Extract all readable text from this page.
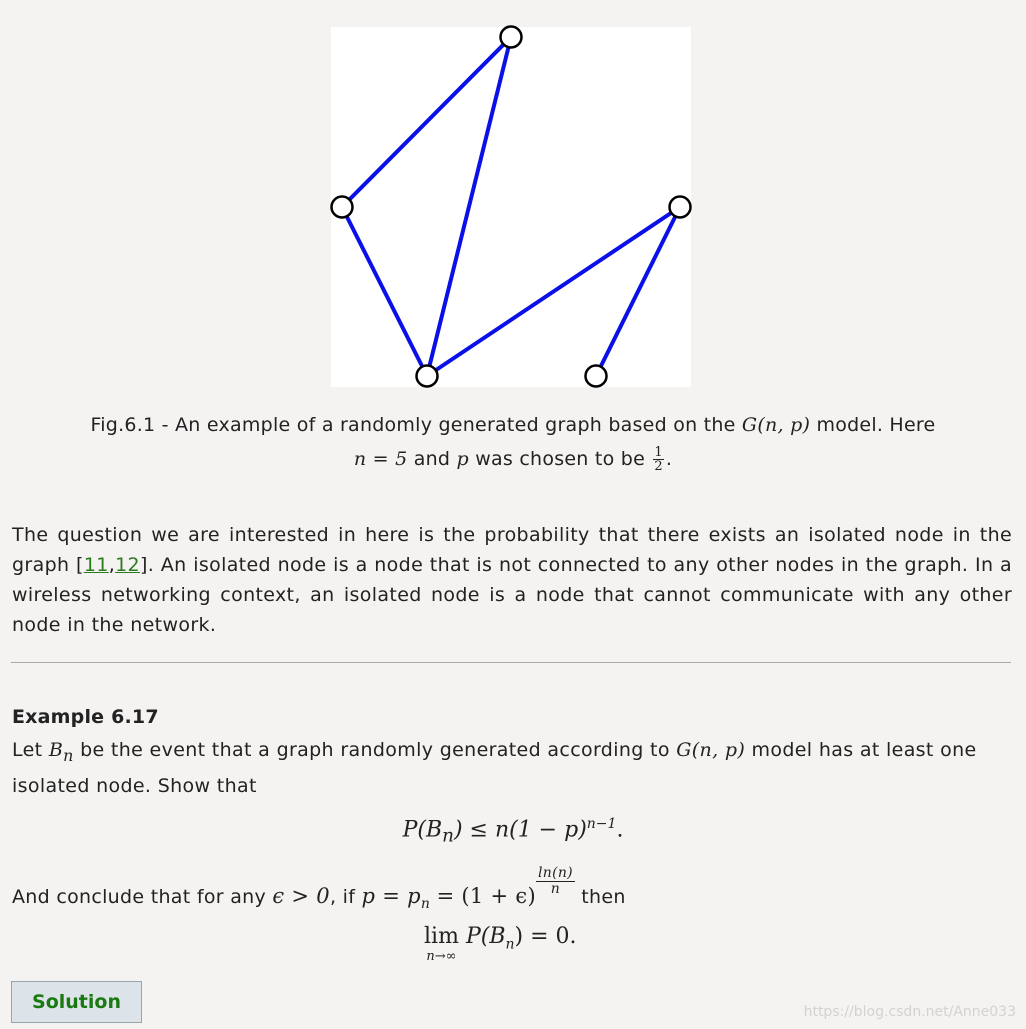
Fig.6.1 - An example of a randomly generated graph based on the G(n, p) model. Here
n = 5 and p was chosen to be $\frac{1}{2}$ .
The question we are interested in here is the probability that there exists an isolated node in the graph [11,12]. An isolated node is a node that is not connected to any other nodes in the graph. In a wireless networking context, an isolated node is a node that cannot communicate with any other node in the network.
Example 6.17
Let $B_n$ be the event that a graph randomly generated according to G(n, p) model has at least one isolated node. Show that
$P(B_n) \le n(1 - p)^{n-1}$.
And conclude that for any ϵ > 0, if $p = p_n = (1 + \epsilon) \frac{\ln(n)}{n}$ then
lim
n→∞
$P(B_n) = 0$.
Solution	https://blog.csdn.net/Anne033
